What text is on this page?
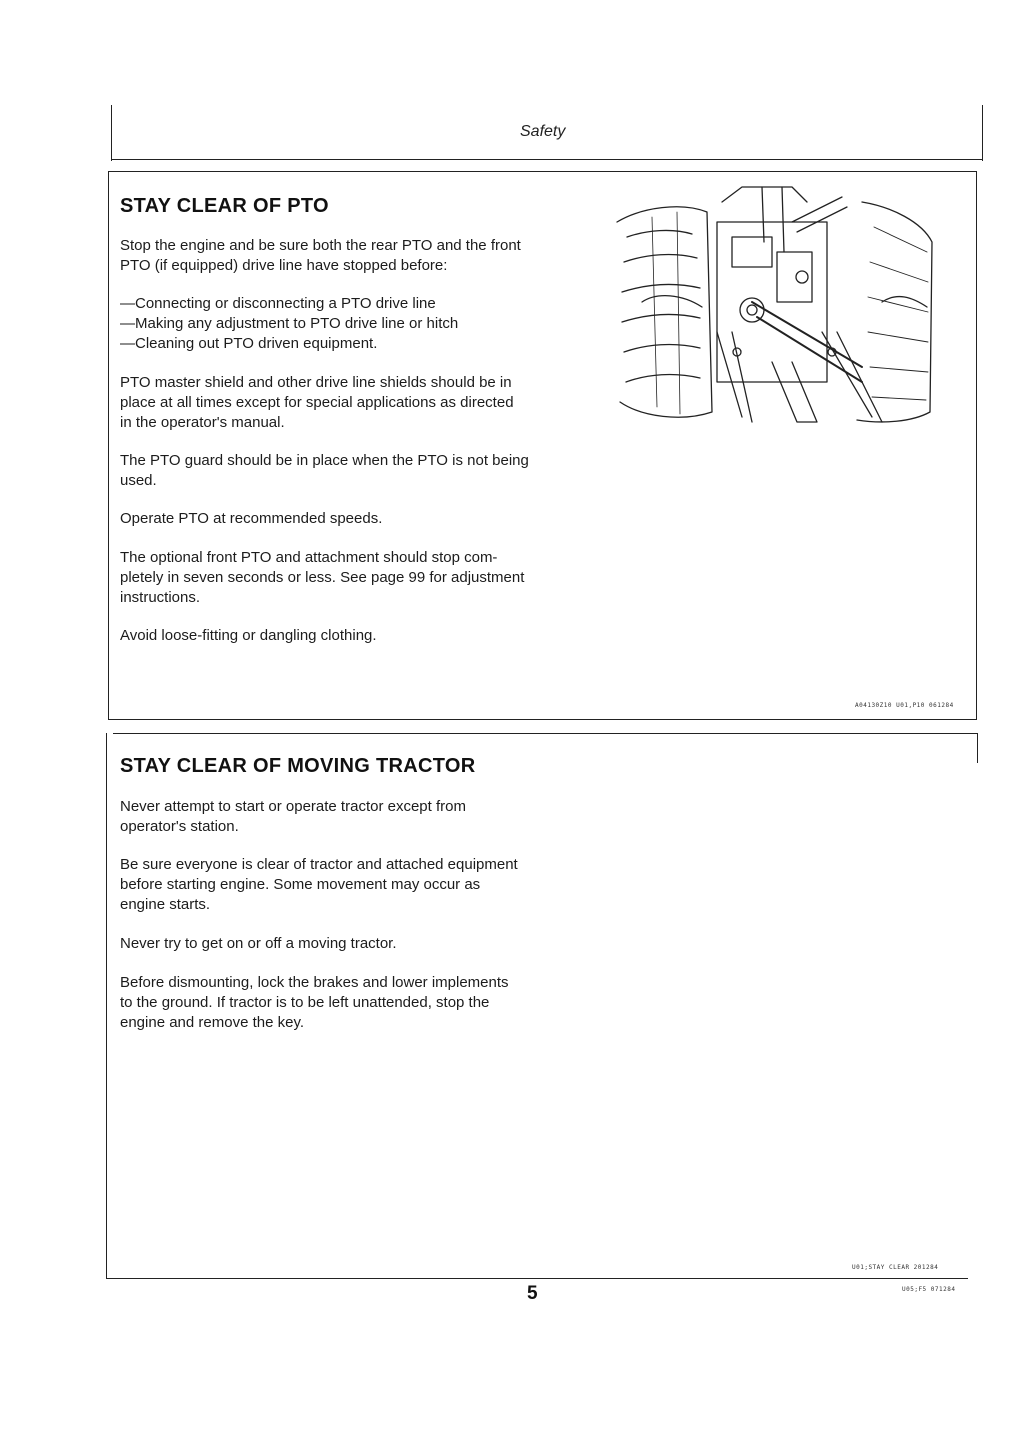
Safety
STAY CLEAR OF PTO
Stop the engine and be sure both the rear PTO and the front
PTO (if equipped) drive line have stopped before:
—Connecting or disconnecting a PTO drive line
—Making any adjustment to PTO drive line or hitch
—Cleaning out PTO driven equipment.
PTO master shield and other drive line shields should be in
place at all times except for special applications as directed
in the operator's manual.
The PTO guard should be in place when the PTO is not being
used.
Operate PTO at recommended speeds.
The optional front PTO and attachment should stop com-
pletely in seven seconds or less. See page 99 for adjustment
instructions.
Avoid loose-fitting or dangling clothing.
A04130Z10 U01,P10 061284
STAY CLEAR OF MOVING TRACTOR
Never attempt to start or operate tractor except from
operator's station.
Be sure everyone is clear of tractor and attached equipment
before starting engine. Some movement may occur as
engine starts.
Never try to get on or off a moving tractor.
Before dismounting, lock the brakes and lower implements
to the ground. If tractor is to be left unattended, stop the
engine and remove the key.
U01;STAY CLEAR 201284
5	U05;F5 071284
